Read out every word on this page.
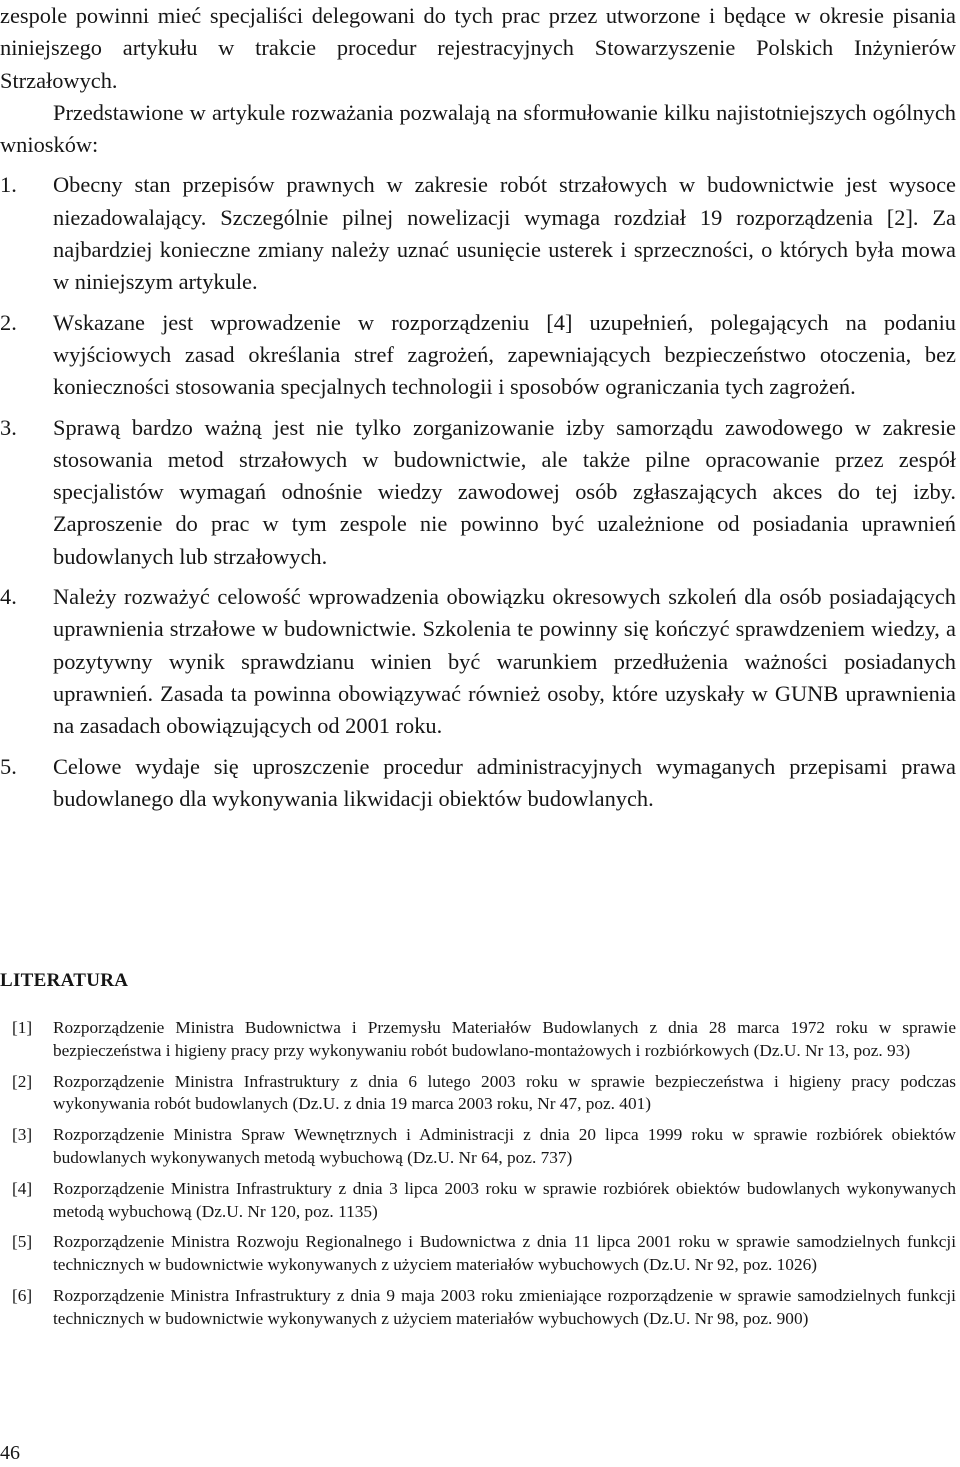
zespole powinni mieć specjaliści delegowani do tych prac przez utworzone i będące w okresie pisania niniejszego artykułu w trakcie procedur rejestracyjnych Stowarzyszenie Polskich Inżynierów Strzałowych.

Przedstawione w artykule rozważania pozwalają na sformułowanie kilku najistotniejszych ogólnych wniosków:

1. Obecny stan przepisów prawnych w zakresie robót strzałowych w budownictwie jest wysoce niezadowalający. Szczególnie pilnej nowelizacji wymaga rozdział 19 rozporządzenia [2]. Za najbardziej konieczne zmiany należy uznać usunięcie usterek i sprzeczności, o których była mowa w niniejszym artykule.
2. Wskazane jest wprowadzenie w rozporządzeniu [4] uzupełnień, polegających na podaniu wyjściowych zasad określania stref zagrożeń, zapewniających bezpieczeństwo otoczenia, bez konieczności stosowania specjalnych technologii i sposobów ograniczania tych zagrożeń.
3. Sprawą bardzo ważną jest nie tylko zorganizowanie izby samorządu zawodowego w zakresie stosowania metod strzałowych w budownictwie, ale także pilne opracowanie przez zespół specjalistów wymagań odnośnie wiedzy zawodowej osób zgłaszających akces do tej izby. Zaproszenie do prac w tym zespole nie powinno być uzależnione od posiadania uprawnień budowlanych lub strzałowych.
4. Należy rozważyć celowość wprowadzenia obowiązku okresowych szkoleń dla osób posiadających uprawnienia strzałowe w budownictwie. Szkolenia te powinny się kończyć sprawdzeniem wiedzy, a pozytywny wynik sprawdzianu winien być warunkiem przedłużenia ważności posiadanych uprawnień. Zasada ta powinna obowiązywać również osoby, które uzyskały w GUNB uprawnienia na zasadach obowiązujących od 2001 roku.
5. Celowe wydaje się uproszczenie procedur administracyjnych wymaganych przepisami prawa budowlanego dla wykonywania likwidacji obiektów budowlanych.
LITERATURA
[1] Rozporządzenie Ministra Budownictwa i Przemysłu Materiałów Budowlanych z dnia 28 marca 1972 roku w sprawie bezpieczeństwa i higieny pracy przy wykonywaniu robót budowlano-montażowych i rozbiórkowych (Dz.U. Nr 13, poz. 93)
[2] Rozporządzenie Ministra Infrastruktury z dnia 6 lutego 2003 roku w sprawie bezpieczeństwa i higieny pracy podczas wykonywania robót budowlanych (Dz.U. z dnia 19 marca 2003 roku, Nr 47, poz. 401)
[3] Rozporządzenie Ministra Spraw Wewnętrznych i Administracji z dnia 20 lipca 1999 roku w sprawie rozbiórek obiektów budowlanych wykonywanych metodą wybuchową (Dz.U. Nr 64, poz. 737)
[4] Rozporządzenie Ministra Infrastruktury z dnia 3 lipca 2003 roku w sprawie rozbiórek obiektów budowlanych wykonywanych metodą wybuchową (Dz.U. Nr 120, poz. 1135)
[5] Rozporządzenie Ministra Rozwoju Regionalnego i Budownictwa z dnia 11 lipca 2001 roku w sprawie samodzielnych funkcji technicznych w budownictwie wykonywanych z użyciem materiałów wybuchowych (Dz.U. Nr 92, poz. 1026)
[6] Rozporządzenie Ministra Infrastruktury z dnia 9 maja 2003 roku zmieniające rozporządzenie w sprawie samodzielnych funkcji technicznych w budownictwie wykonywanych z użyciem materiałów wybuchowych (Dz.U. Nr 98, poz. 900)

46
